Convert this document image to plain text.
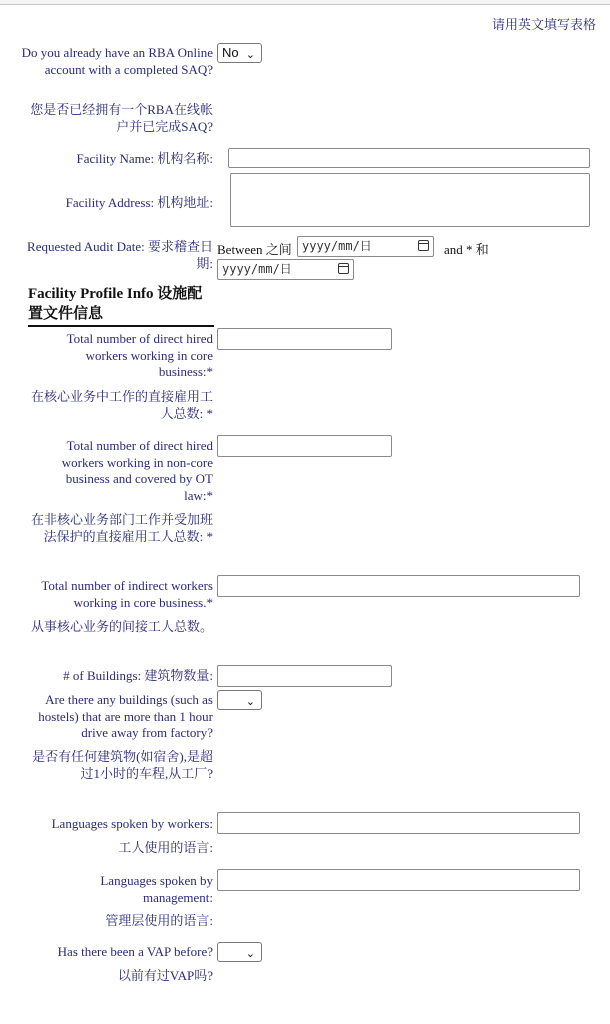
请用英文填写表格
Do you already have an RBA Online account with a completed SAQ?
No ⌄
您是否已经拥有一个RBA在线帐户并已完成SAQ?
Facility Name: 机构名称:
Facility Address: 机构地址:
Requested Audit Date: 要求稽查日期:
Between 之间 yyyy/mm/日	and * 和
yyyy/mm/日
Facility Profile Info 设施配置文件信息
Total number of direct hired workers working in core business:*
在核心业务中工作的直接雇用工人总数: *
Total number of direct hired workers working in non-core business and covered by OT law:*
在非核心业务部门工作并受加班法保护的直接雇用工人总数: *
Total number of indirect workers working in core business.*
从事核心业务的间接工人总数。
# of Buildings: 建筑物数量:
Are there any buildings (such as hostels) that are more than 1 hour drive away from factory?
⌄
是否有任何建筑物(如宿舍),是超过1小时的车程,从工厂?
Languages spoken by workers:
工人使用的语言:
Languages spoken by management:
管理层使用的语言:
Has there been a VAP before?	⌄
以前有过VAP吗?
